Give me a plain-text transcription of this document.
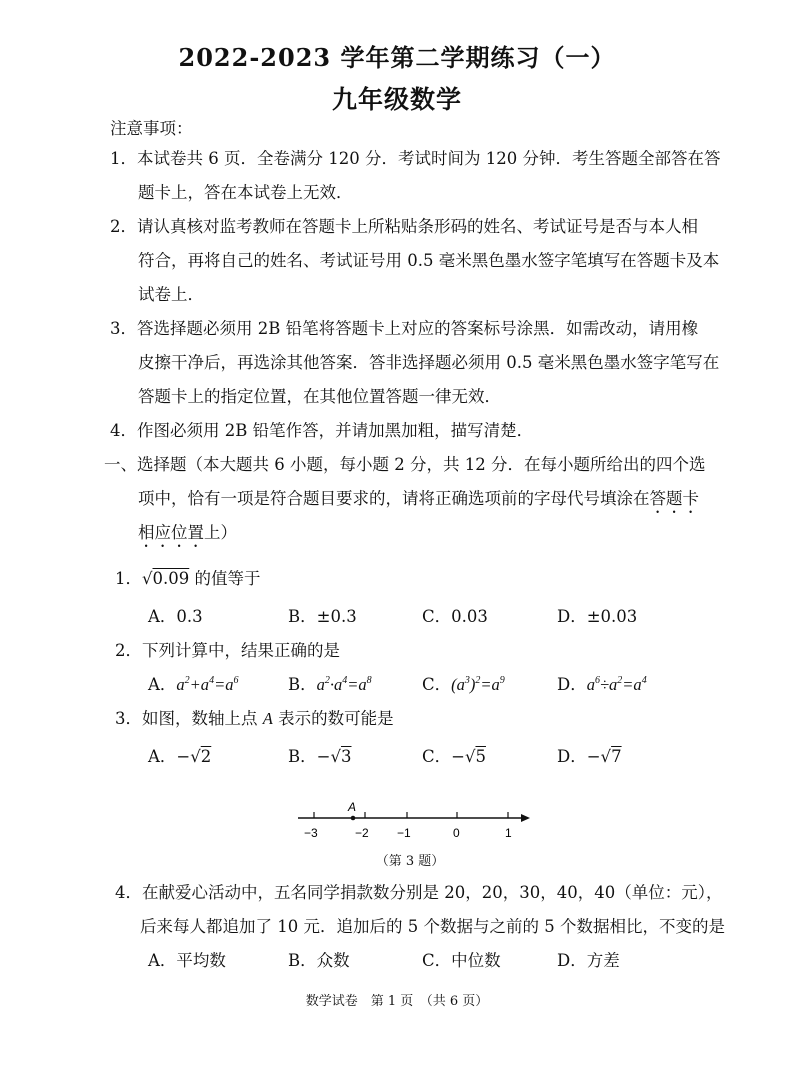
2022-2023 学年第二学期练习（一）
九年级数学
注意事项：
1．本试卷共 6 页．全卷满分 120 分．考试时间为 120 分钟．考生答题全部答在答
题卡上，答在本试卷上无效．
2．请认真核对监考教师在答题卡上所粘贴条形码的姓名、考试证号是否与本人相
符合，再将自己的姓名、考试证号用 0.5 毫米黑色墨水签字笔填写在答题卡及本
试卷上．
3．答选择题必须用 2B 铅笔将答题卡上对应的答案标号涂黑．如需改动，请用橡
皮擦干净后，再选涂其他答案．答非选择题必须用 0.5 毫米黑色墨水签字笔写在
答题卡上的指定位置，在其他位置答题一律无效．
4．作图必须用 2B 铅笔作答，并请加黑加粗，描写清楚．
一、选择题（本大题共 6 小题，每小题 2 分，共 12 分．在每小题所给出的四个选
项中，恰有一项是符合题目要求的，请将正确选项前的字母代号填涂在答题卡
相应位置上）
1．√0.09 的值等于
A．0.3	B．±0.3	C．0.03	D．±0.03
2．下列计算中，结果正确的是
A．$a^2+a^4=a^6$	B．$a^2\cdot a^4=a^8$	C．$(a^3)^2=a^9$	D．$a^6\div a^2=a^4$
3．如图，数轴上点 A 表示的数可能是
A．−√2	B．−√3	C．−√5	D．−√7
A
−3	−2 −1	0	1
（第 3 题）
4．在献爱心活动中，五名同学捐款数分别是 20，20，30，40，40（单位：元），
后来每人都追加了 10 元．追加后的 5 个数据与之前的 5 个数据相比，不变的是
A．平均数	B．众数	C．中位数	D．方差
数学试卷　第 1 页　（共 6 页）
